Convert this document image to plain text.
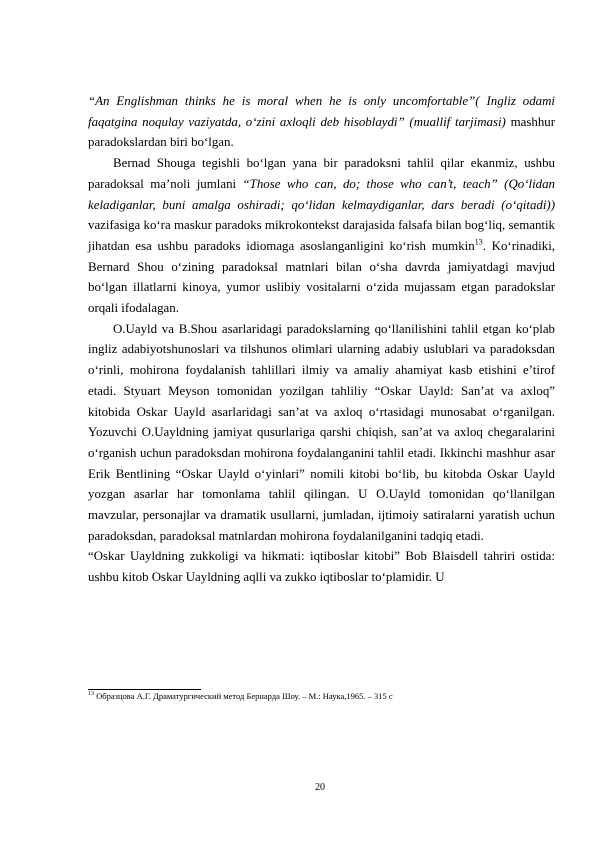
“An Englishman thinks he is moral when he is only uncomfortable”( Ingliz odami faqatgina noqulay vaziyatda, o‘zini axloqli deb hisoblaydi” (muallif tarjimasi) mashhur paradokslardan biri bo‘lgan.

Bernad Shouga tegishli bo‘lgan yana bir paradoksni tahlil qilar ekanmiz, ushbu paradoksal ma’noli jumlani “Those who can, do; those who can’t, teach” (Qo‘lidan keladiganlar, buni amalga oshiradi; qo‘lidan kelmaydiganlar, dars beradi (o‘qitadi)) vazifasiga ko‘ra maskur paradoks mikrokontekst darajasida falsafa bilan bog‘liq, semantik jihatdan esa ushbu paradoks idiomaga asoslanganligini ko‘rish mumkin$^{13}$. Ko‘rinadiki, Bernard Shou o‘zining paradoksal matnlari bilan o‘sha davrda jamiyatdagi mavjud bo‘lgan illatlarni kinoya, yumor uslibiy vositalarni o‘zida mujassam etgan paradokslar orqali ifodalagan.

O.Uayld va B.Shou asarlaridagi paradokslarning qo‘llanilishini tahlil etgan ko‘plab ingliz adabiyotshunoslari va tilshunos olimlari ularning adabiy uslublari va paradoksdan o‘rinli, mohirona foydalanish tahlillari ilmiy va amaliy ahamiyat kasb etishini e’tirof etadi. Styuart Meyson tomonidan yozilgan tahliliy “Oskar Uayld: San’at va axloq” kitobida Oskar Uayld asarlaridagi san’at va axloq o‘rtasidagi munosabat o‘rganilgan. Yozuvchi O.Uayldning jamiyat qusurlariga qarshi chiqish, san’at va axloq chegaralarini o‘rganish uchun paradoksdan mohirona foydalanganini tahlil etadi. Ikkinchi mashhur asar Erik Bentlining “Oskar Uayld o‘yinlari” nomili kitobi bo‘lib, bu kitobda Oskar Uayld yozgan asarlar har tomonlama tahlil qilingan. U O.Uayld tomonidan qo‘llanilgan mavzular, personajlar va dramatik usullarni, jumladan, ijtimoiy satiralarni yaratish uchun paradoksdan, paradoksal matnlardan mohirona foydalanilganini tadqiq etadi.

“Oskar Uayldning zukkoligi va hikmati: iqtiboslar kitobi” Bob Blaisdell tahriri ostida: ushbu kitob Oskar Uayldning aqlli va zukko iqtiboslar to‘plamidir. U

$^{13}$ Образцова А.Г. Драматургический метод Бернарда Шоу. – М.: Наука,1965. – 315 с
20
